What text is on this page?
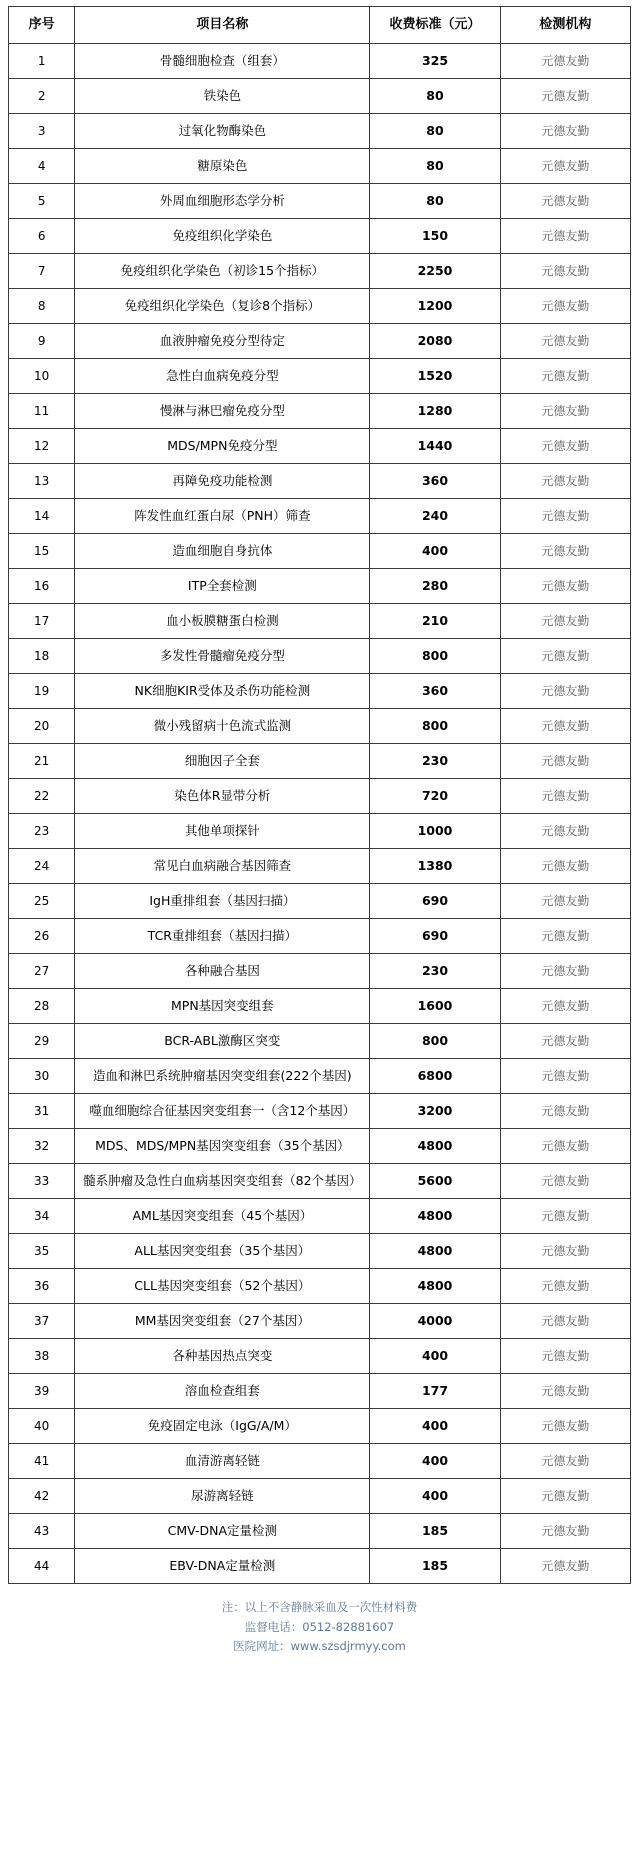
序号	项目名称	收费标准（元）	检测机构
1	骨髓细胞检查（组套）	325	元德友勤
2	铁染色	80	元德友勤
3	过氧化物酶染色	80	元德友勤
4	糖原染色	80	元德友勤
5	外周血细胞形态学分析	80	元德友勤
6	免疫组织化学染色	150	元德友勤
7	免疫组织化学染色（初诊15个指标）	2250	元德友勤
8	免疫组织化学染色（复诊8个指标）	1200	元德友勤
9	血液肿瘤免疫分型待定	2080	元德友勤
10	急性白血病免疫分型	1520	元德友勤
11	慢淋与淋巴瘤免疫分型	1280	元德友勤
12	MDS/MPN免疫分型	1440	元德友勤
13	再障免疫功能检测	360	元德友勤
14	阵发性血红蛋白尿（PNH）筛查	240	元德友勤
15	造血细胞自身抗体	400	元德友勤
16	ITP全套检测	280	元德友勤
17	血小板膜糖蛋白检测	210	元德友勤
18	多发性骨髓瘤免疫分型	800	元德友勤
19	NK细胞KIR受体及杀伤功能检测	360	元德友勤
20	微小残留病十色流式监测	800	元德友勤
21	细胞因子全套	230	元德友勤
22	染色体R显带分析	720	元德友勤
23	其他单项探针	1000	元德友勤
24	常见白血病融合基因筛查	1380	元德友勤
25	IgH重排组套（基因扫描）	690	元德友勤
26	TCR重排组套（基因扫描）	690	元德友勤
27	各种融合基因	230	元德友勤
28	MPN基因突变组套	1600	元德友勤
29	BCR-ABL激酶区突变	800	元德友勤
30	造血和淋巴系统肿瘤基因突变组套(222个基因)	6800	元德友勤
31	噬血细胞综合征基因突变组套一（含12个基因）	3200	元德友勤
32	MDS、MDS/MPN基因突变组套（35个基因）	4800	元德友勤
33	髓系肿瘤及急性白血病基因突变组套（82个基因）	5600	元德友勤
34	AML基因突变组套（45个基因）	4800	元德友勤
35	ALL基因突变组套（35个基因）	4800	元德友勤
36	CLL基因突变组套（52个基因）	4800	元德友勤
37	MM基因突变组套（27个基因）	4000	元德友勤
38	各种基因热点突变	400	元德友勤
39	溶血检查组套	177	元德友勤
40	免疫固定电泳（IgG/A/M）	400	元德友勤
41	血清游离轻链	400	元德友勤
42	尿游离轻链	400	元德友勤
43	CMV-DNA定量检测	185	元德友勤
44	EBV-DNA定量检测	185	元德友勤
注：以上不含静脉采血及一次性材料费
监督电话：0512-82881607
医院网址：www.szsdjrmyy.com
